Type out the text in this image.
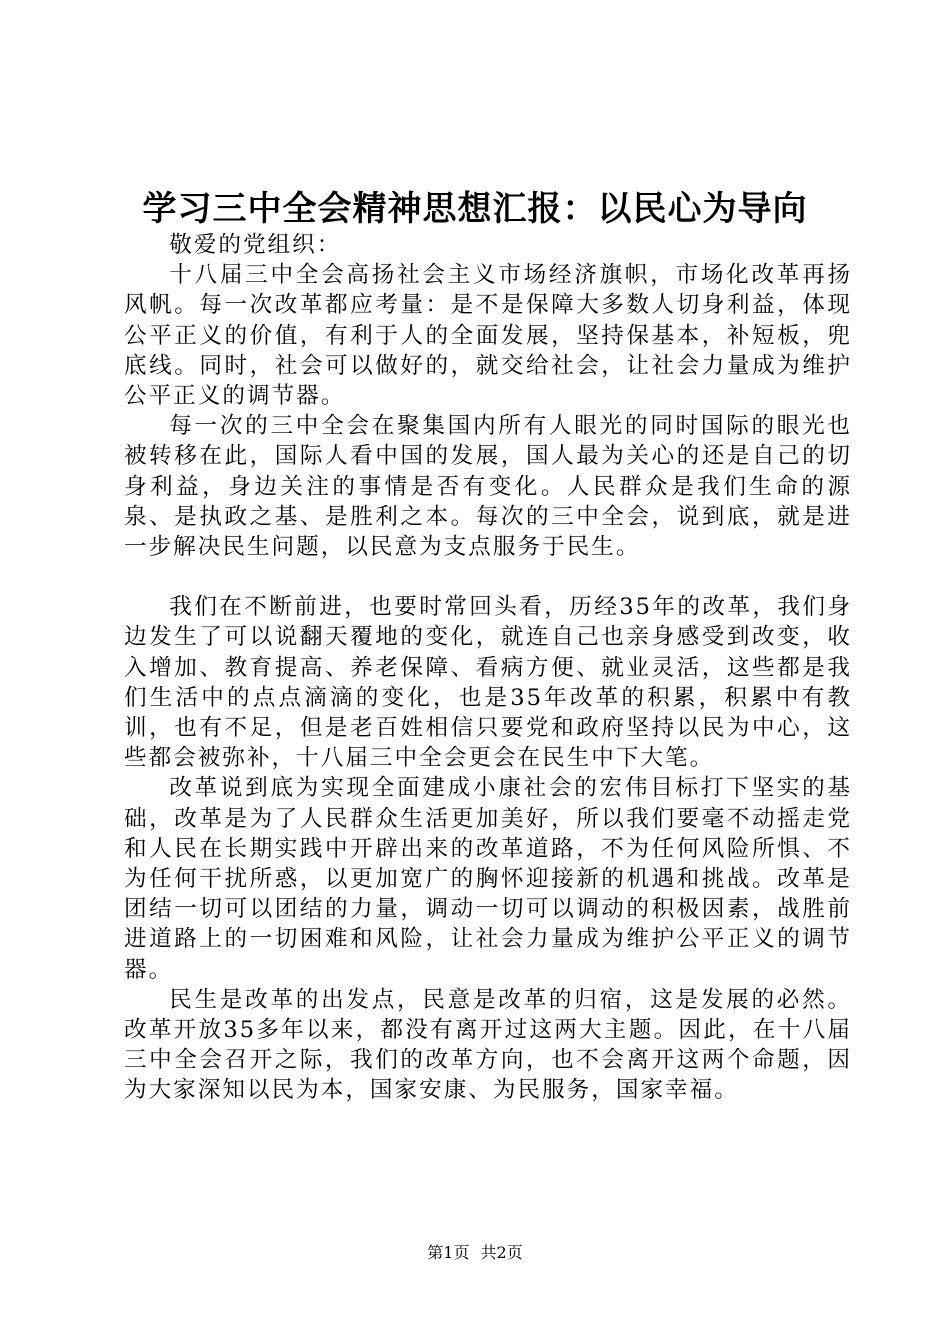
学习三中全会精神思想汇报：以民心为导向

敬爱的党组织：

十八届三中全会高扬社会主义市场经济旗帜，市场化改革再扬风帆。每一次改革都应考量：是不是保障大多数人切身利益，体现公平正义的价值，有利于人的全面发展，坚持保基本，补短板，兜底线。同时，社会可以做好的，就交给社会，让社会力量成为维护公平正义的调节器。

每一次的三中全会在聚集国内所有人眼光的同时国际的眼光也被转移在此，国际人看中国的发展，国人最为关心的还是自己的切身利益，身边关注的事情是否有变化。人民群众是我们生命的源泉、是执政之基、是胜利之本。每次的三中全会，说到底，就是进一步解决民生问题，以民意为支点服务于民生。

我们在不断前进，也要时常回头看，历经35年的改革，我们身边发生了可以说翻天覆地的变化，就连自己也亲身感受到改变，收入增加、教育提高、养老保障、看病方便、就业灵活，这些都是我们生活中的点点滴滴的变化，也是35年改革的积累，积累中有教训，也有不足，但是老百姓相信只要党和政府坚持以民为中心，这些都会被弥补，十八届三中全会更会在民生中下大笔。

改革说到底为实现全面建成小康社会的宏伟目标打下坚实的基础，改革是为了人民群众生活更加美好，所以我们要毫不动摇走党和人民在长期实践中开辟出来的改革道路，不为任何风险所惧、不为任何干扰所惑，以更加宽广的胸怀迎接新的机遇和挑战。改革是团结一切可以团结的力量，调动一切可以调动的积极因素，战胜前进道路上的一切困难和风险，让社会力量成为维护公平正义的调节器。

民生是改革的出发点，民意是改革的归宿，这是发展的必然。改革开放35多年以来，都没有离开过这两大主题。因此，在十八届三中全会召开之际，我们的改革方向，也不会离开这两个命题，因为大家深知以民为本，国家安康、为民服务，国家幸福。

第1页 共2页
